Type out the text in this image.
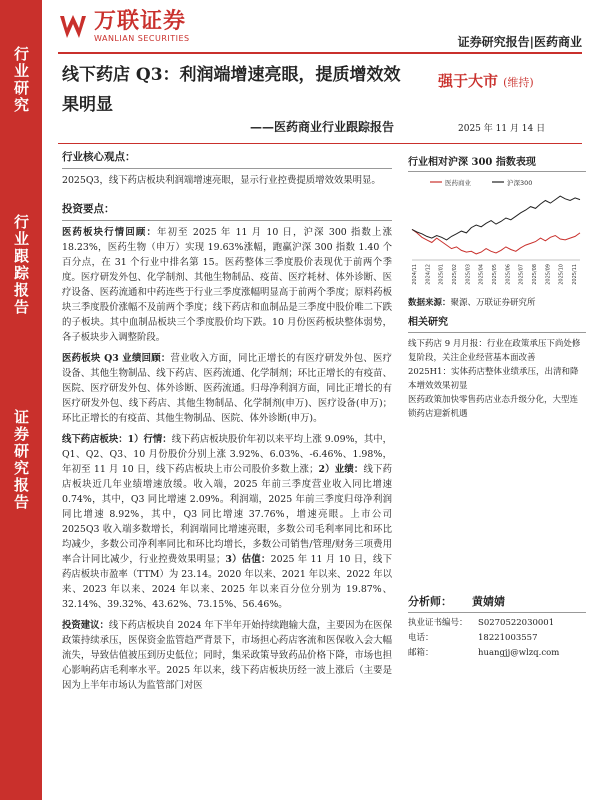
行业研究
行业跟踪报告
证券研究报告
万联证券
WANLIAN SECURITIES	证券研究报告|医药商业
线下药店 Q3：利润端增速亮眼，提质增效效果明显
——医药商业行业跟踪报告
强于大市 (维持)
2025 年 11 月 14 日
行业核心观点：
2025Q3，线下药店板块利润端增速亮眼，显示行业控费提质增效效果明显。
投资要点：
医药板块行情回顾：年初至 2025 年 11 月 10 日，沪深 300 指数上涨 18.23%，医药生物（申万）实现 19.63%涨幅，跑赢沪深 300 指数 1.40 个百分点，在 31 个行业中排名第 15。医药整体三季度股价表现优于前两个季度。医疗研发外包、化学制剂、其他生物制品、疫苗、医疗耗材、体外诊断、医疗设备、医药流通和中药连些于行业三季度涨幅明显高于前两个季度；原料药板块三季度股价涨幅不及前两个季度；线下药店和血制品是三季度中股价唯二下跌的子板块。其中血制品板块三个季度股价均下跌。10 月份医药板块整体弱势，各子板块步入调整阶段。
医药板块 Q3 业绩回顾：营业收入方面，同比正增长的有医疗研发外包、医疗设备、其他生物制品、线下药店、医药流通、化学制剂；环比正增长的有疫苗、医院、医疗研发外包、体外诊断、医药流通。归母净利润方面，同比正增长的有医疗研发外包、线下药店、其他生物制品、化学制剂(申万)、医疗设备(申万)；环比正增长的有疫苗、其他生物制品、医院、体外诊断(申万)。
线下药店板块：1）行情：线下药店板块股价年初以来平均上涨 9.09%，其中，Q1、Q2、Q3、10 月份股价分别上涨 3.92%、6.03%、-6.46%、1.98%，年初至 11 月 10 日，线下药店板块上市公司股价多数上涨；2）业绩：线下药店板块近几年业绩增速放缓。收入端，2025 年前三季度营业收入同比增速 0.74%，其中，Q3 同比增速 2.09%。利润端，2025 年前三季度归母净利润同比增速 8.92%，其中，Q3 同比增速 37.76%，增速亮眼。上市公司 2025Q3 收入端多数增长，利润端同比增速亮眼，多数公司毛利率同比和环比均减少，多数公司净利率同比和环比均增长，多数公司销售/管理/财务三项费用率合计同比减少，行业控费效果明显；3）估值：2025 年 11 月 10 日，线下药店板块市盈率（TTM）为 23.14。2020 年以来、2021 年以来、2022 年以来、2023 年以来、2024 年以来、2025 年以来百分位分别为 19.87%、32.14%、39.32%、43.62%、73.15%、56.46%。
投资建议：线下药店板块自 2024 年下半年开始持续跑输大盘，主要因为在医保政策持续承压，医保资金监管趋严背景下，市场担心药店客流和医保收入会大幅流失，导致估值被压到历史低位；同时，集采政策导致药品价格下降，市场也担心影响药店毛利率水平。2025 年以来，线下药店板块历经一波上涨后（主要是因为上半年市场认为监管部门对医
行业相对沪深 300 指数表现
医药商业	沪深300
2024/11 2024/12 2025/01 2025/02 2025/03 2025/04 2025/05 2025/06 2025/07 2025/08 2025/09 2025/10 2025/11
数据来源：聚源、万联证券研究所
相关研究
线下药店 9 月月报：行业在政策承压下尚处修复阶段，关注企业经营基本面改善
2025H1：实体药店整体业绩承压，出清和降本增效效果初显
医药政策加快零售药店业态升级分化，大型连锁药店迎新机遇
分析师： 黄婧婧
执业证书编号：	S0270522030001
电话：	18221003557
邮箱：	huangjj@wlzq.com
